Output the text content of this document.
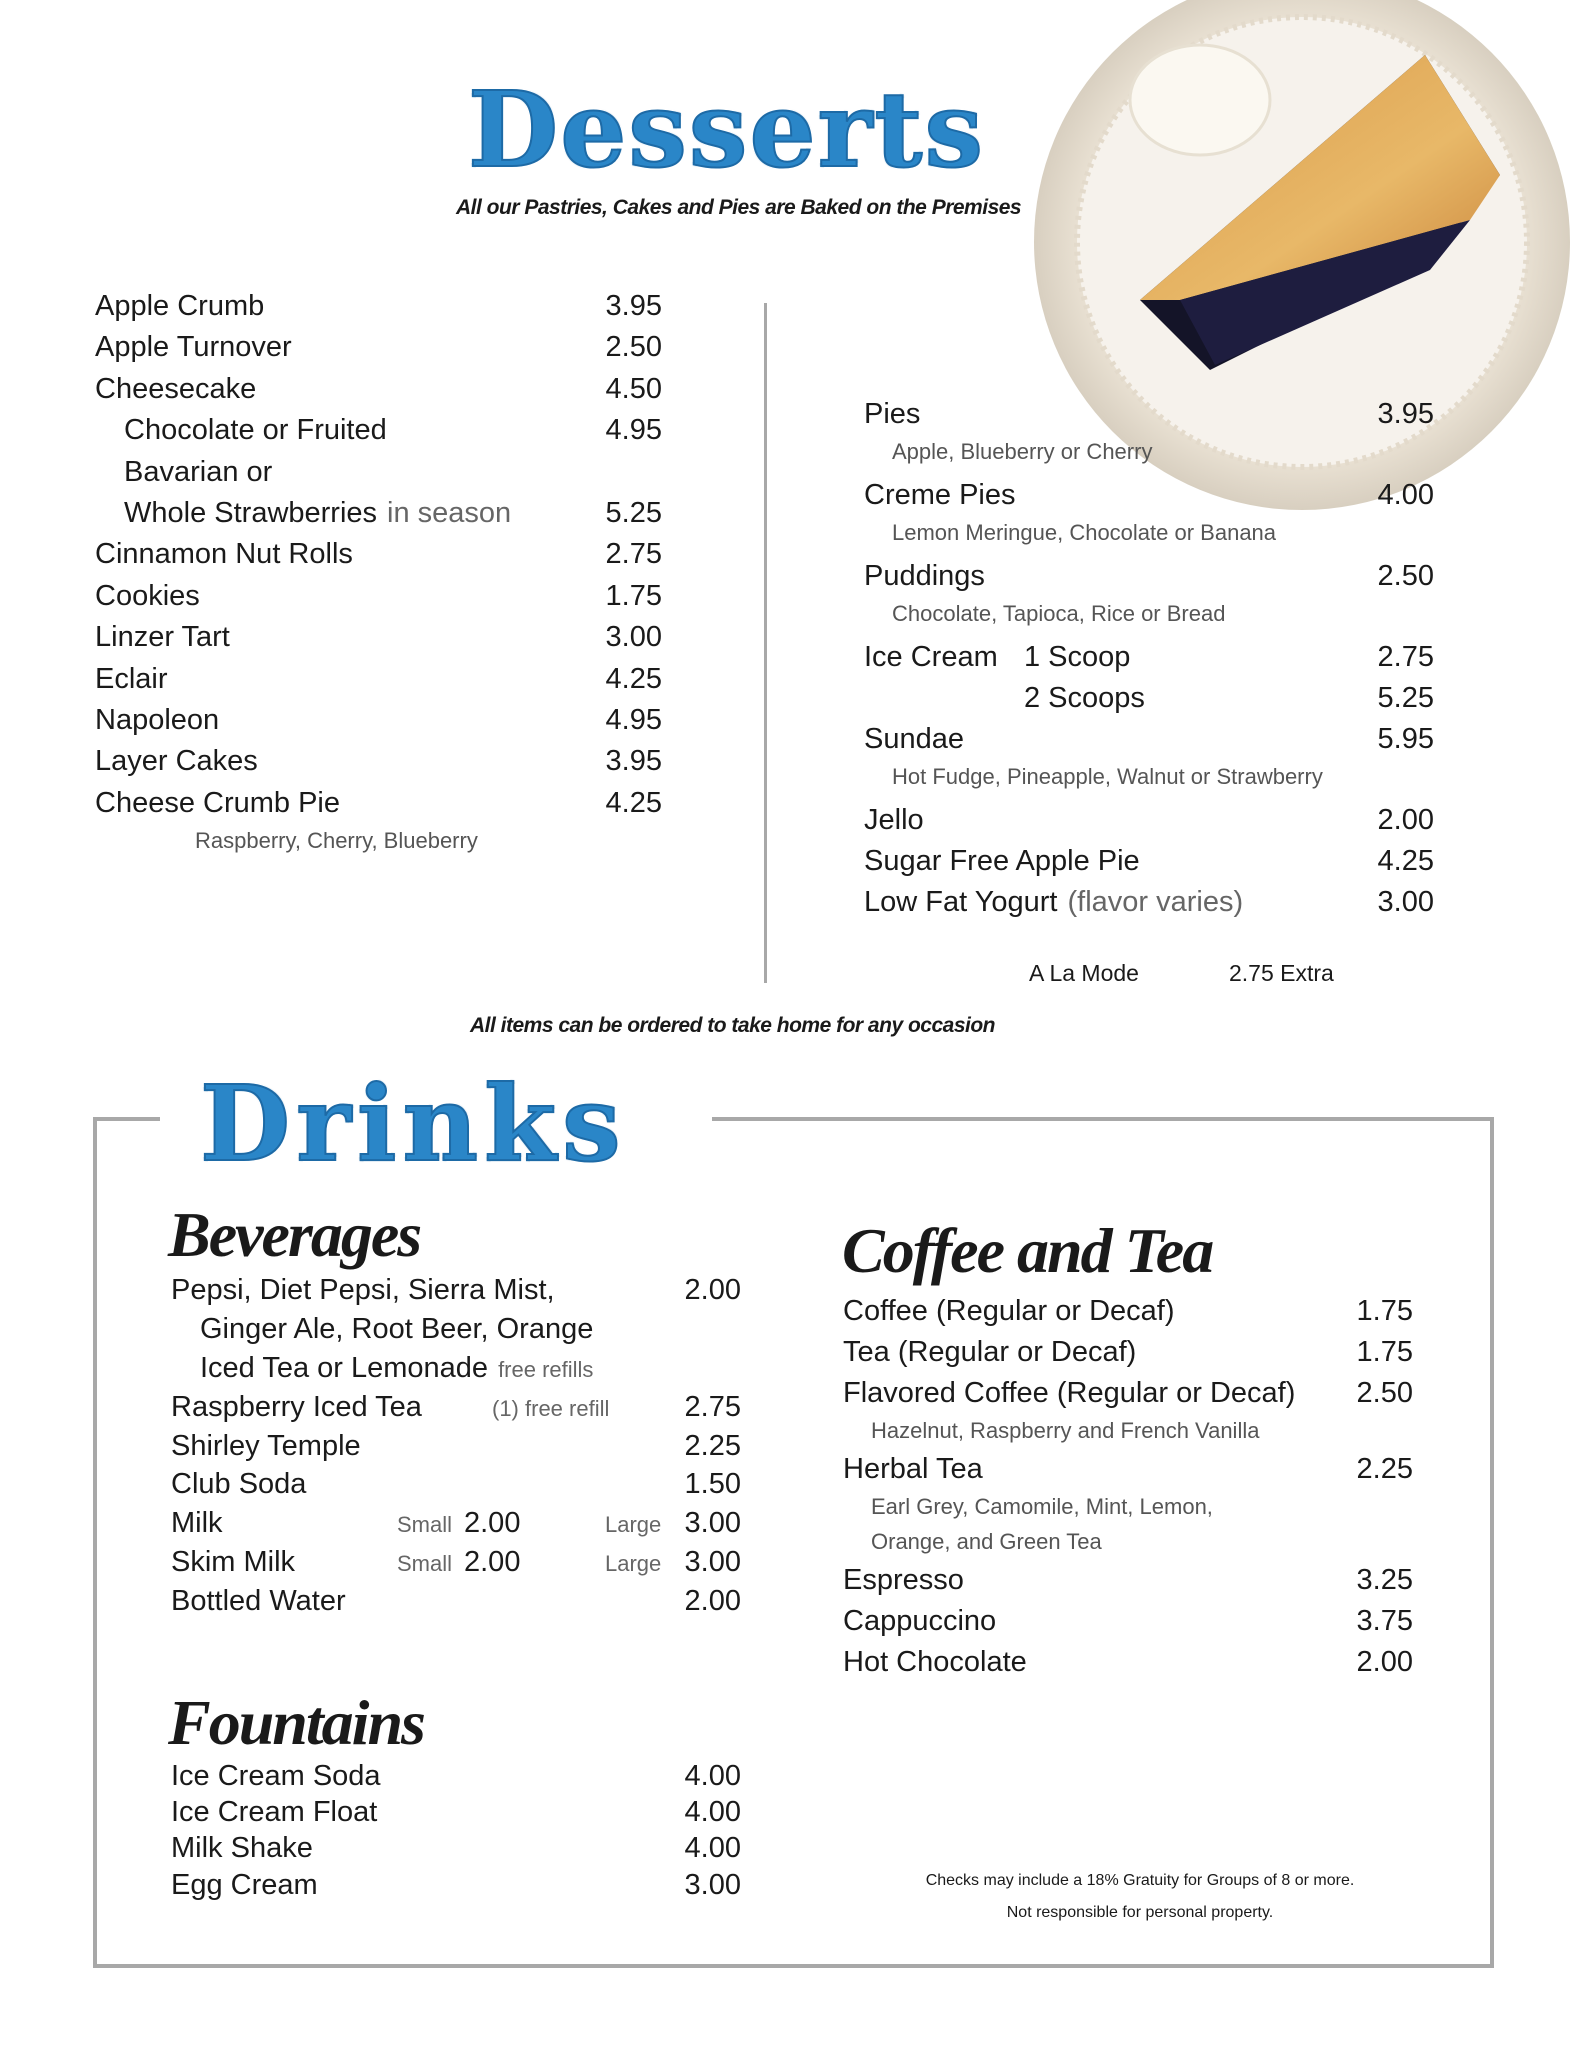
Desserts
All our Pastries, Cakes and Pies are Baked on the Premises
Apple Crumb	3.95
Apple Turnover	2.50
Cheesecake	4.50
Chocolate or Fruited	4.95
Bavarian or
Whole Strawberries in season	5.25
Cinnamon Nut Rolls	2.75
Cookies	1.75
Linzer Tart	3.00
Eclair	4.25
Napoleon	4.95
Layer Cakes	3.95
Cheese Crumb Pie	4.25
Raspberry, Cherry, Blueberry
Pies	3.95
Apple, Blueberry or Cherry
Creme Pies	4.00
Lemon Meringue, Chocolate or Banana
Puddings	2.50
Chocolate, Tapioca, Rice or Bread
Ice Cream 1 Scoop	2.75
2 Scoops	5.25
Sundae	5.95
Hot Fudge, Pineapple, Walnut or Strawberry
Jello	2.00
Sugar Free Apple Pie	4.25
Low Fat Yogurt (flavor varies)	3.00
A La Mode	2.75 Extra
All items can be ordered to take home for any occasion
Drinks
Beverages
Pepsi, Diet Pepsi, Sierra Mist,	2.00
Ginger Ale, Root Beer, Orange
Iced Tea or Lemonade free refills
Raspberry Iced Tea	(1) free refill	2.75
Shirley Temple	2.25
Club Soda	1.50
Milk	Small 2.00	Large 3.00
Skim Milk	Small 2.00	Large 3.00
Bottled Water	2.00
Fountains
Ice Cream Soda	4.00
Ice Cream Float	4.00
Milk Shake	4.00
Egg Cream	3.00
Coffee and Tea
Coffee (Regular or Decaf)	1.75
Tea (Regular or Decaf)	1.75
Flavored Coffee (Regular or Decaf) 2.50
Hazelnut, Raspberry and French Vanilla
Herbal Tea	2.25
Earl Grey, Camomile, Mint, Lemon,
Orange, and Green Tea
Espresso	3.25
Cappuccino	3.75
Hot Chocolate	2.00
Checks may include a 18% Gratuity for Groups of 8 or more.
Not responsible for personal property.
